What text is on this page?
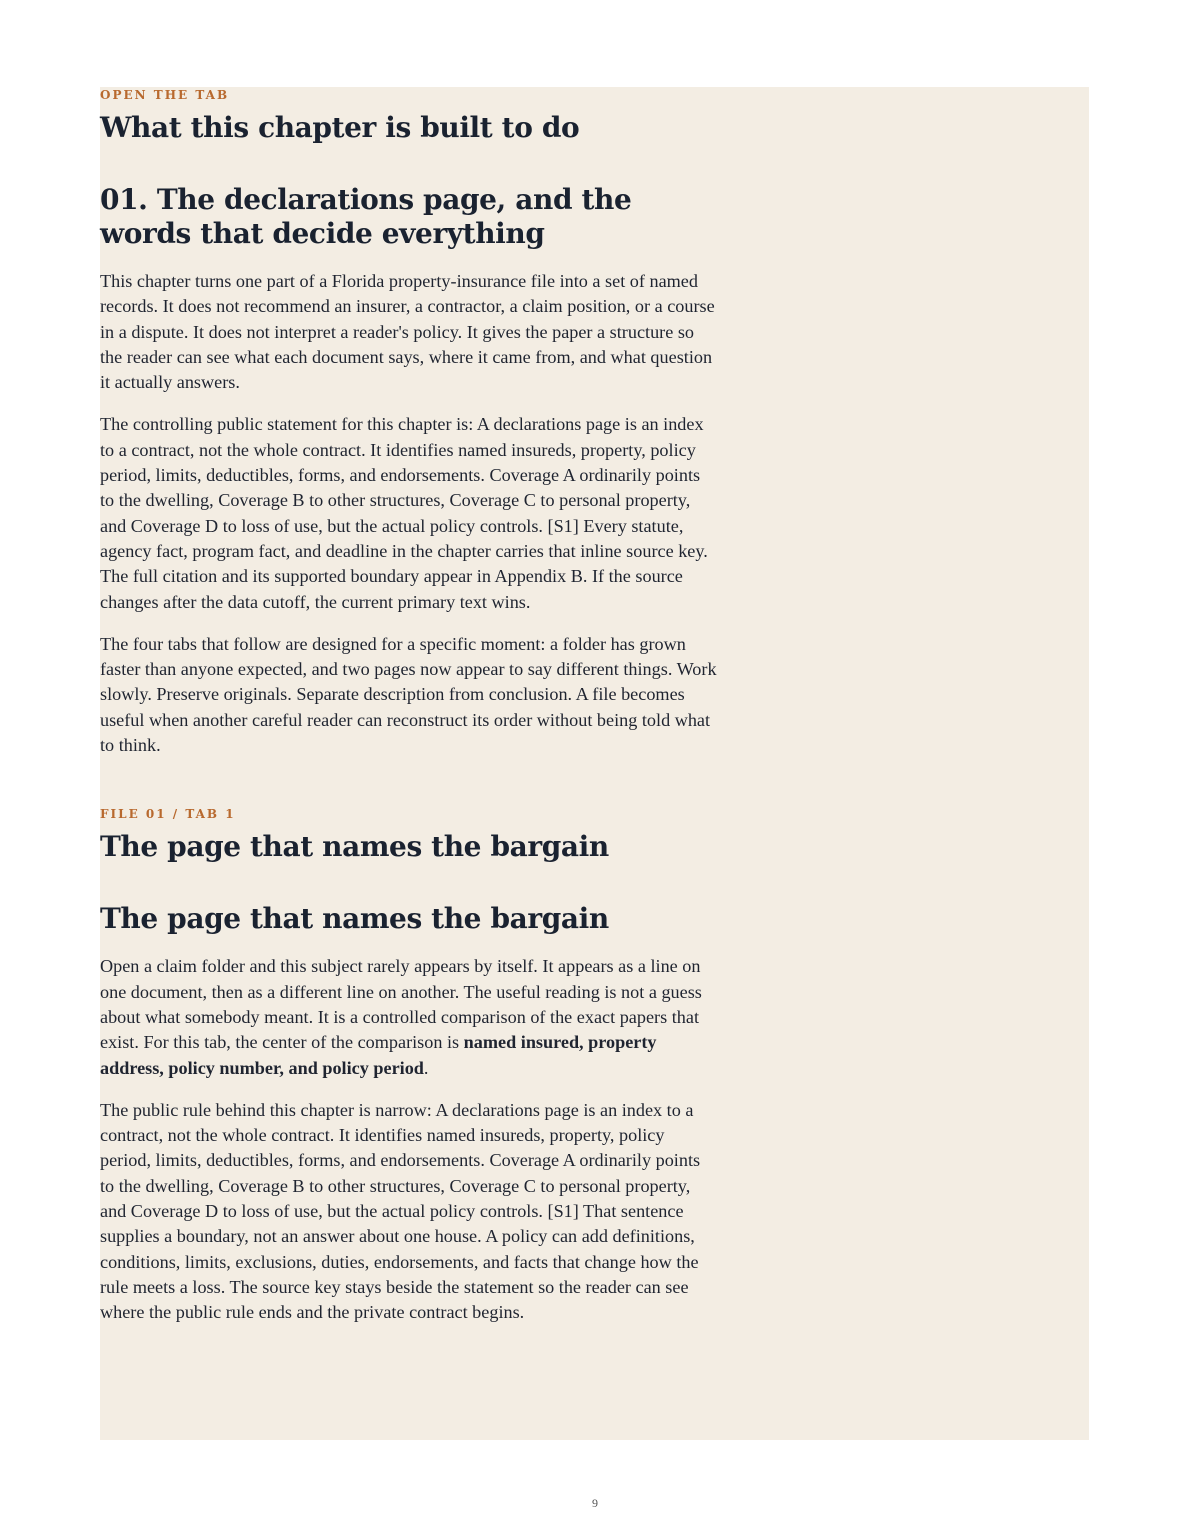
OPEN THE TAB

What this chapter is built to do
01. The declarations page, and the words that decide everything

This chapter turns one part of a Florida property-insurance file into a set of named records. It does not recommend an insurer, a contractor, a claim position, or a course in a dispute. It does not interpret a reader's policy. It gives the paper a structure so the reader can see what each document says, where it came from, and what question it actually answers.

The controlling public statement for this chapter is: A declarations page is an index to a contract, not the whole contract. It identifies named insureds, property, policy period, limits, deductibles, forms, and endorsements. Coverage A ordinarily points to the dwelling, Coverage B to other structures, Coverage C to personal property, and Coverage D to loss of use, but the actual policy controls. [S1] Every statute, agency fact, program fact, and deadline in the chapter carries that inline source key. The full citation and its supported boundary appear in Appendix B. If the source changes after the data cutoff, the current primary text wins.

The four tabs that follow are designed for a specific moment: a folder has grown faster than anyone expected, and two pages now appear to say different things. Work slowly. Preserve originals. Separate description from conclusion. A file becomes useful when another careful reader can reconstruct its order without being told what to think.

FILE 01 / TAB 1

The page that names the bargain
The page that names the bargain

Open a claim folder and this subject rarely appears by itself. It appears as a line on one document, then as a different line on another. The useful reading is not a guess about what somebody meant. It is a controlled comparison of the exact papers that exist. For this tab, the center of the comparison is named insured, property address, policy number, and policy period.

The public rule behind this chapter is narrow: A declarations page is an index to a contract, not the whole contract. It identifies named insureds, property, policy period, limits, deductibles, forms, and endorsements. Coverage A ordinarily points to the dwelling, Coverage B to other structures, Coverage C to personal property, and Coverage D to loss of use, but the actual policy controls. [S1] That sentence supplies a boundary, not an answer about one house. A policy can add definitions, conditions, limits, exclusions, duties, endorsements, and facts that change how the rule meets a loss. The source key stays beside the statement so the reader can see where the public rule ends and the private contract begins.

9
